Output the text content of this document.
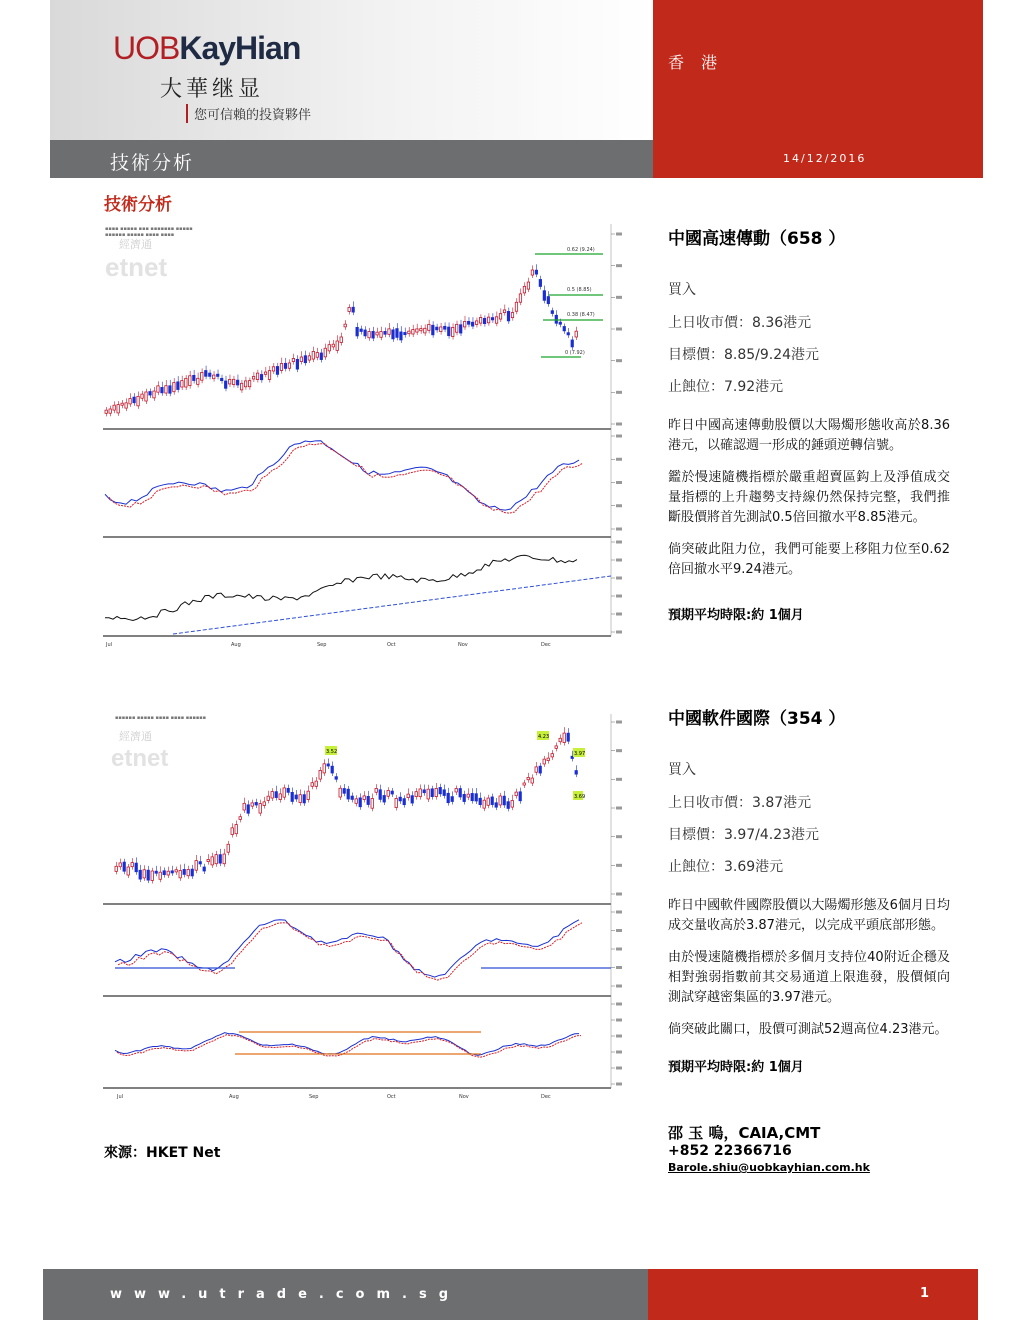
UOBKayHian
大華继显
您可信賴的投資夥伴
香 港
14/12/2016
技術分析
技術分析
經濟通
etnet
▪▪▪▪ ▪▪▪▪▪ ▪▪▪ ▪▪▪▪▪▪▪ ▪▪▪▪▪
▪▪▪▪▪▪ ▪▪▪▪▪ ▪▪▪▪ ▪▪▪▪
0.62 (9.24)
0.5 (8.85)
0.38 (8.47)
0 (7.92)
Jul	Aug	Sep	Oct	Nov	Dec
經濟通
etnet
▪▪▪▪▪▪ ▪▪▪▪▪ ▪▪▪▪ ▪▪▪▪ ▪▪▪▪▪▪
3.52
4.23
3.97
3.69
Jul	Aug	Sep	Oct	Nov	Dec
中國高速傳動（658 ）
買入
上日收市價：8.36港元
目標價：8.85/9.24港元
止蝕位：7.92港元
昨日中國高速傳動股價以大陽燭形態收高於8.36港元，以確認週一形成的錘頭逆轉信號。
鑑於慢速隨機指標於嚴重超賣區鈎上及淨值成交量指標的上升趨勢支持線仍然保持完整，我們推斷股價將首先測試0.5倍回撤水平8.85港元。
倘突破此阻力位，我們可能要上移阻力位至0.62倍回撤水平9.24港元。
預期平均時限:約 1個月
中國軟件國際（354 ）
買入
上日收市價：3.87港元
目標價：3.97/4.23港元
止蝕位：3.69港元
昨日中國軟件國際股價以大陽燭形態及6個月日均成交量收高於3.87港元，以完成平頭底部形態。
由於慢速隨機指標於多個月支持位40附近企穩及相對強弱指數前其交易通道上限進發，股價傾向測試穿越密集區的3.97港元。
倘突破此關口，股價可測試52週高位4.23港元。
預期平均時限:約 1個月
來源：HKET Net
邵 玉 嗚，CAIA,CMT
+852 22366716
Barole.shiu@uobkayhian.com.hk
www.utrade.com.sg	1
